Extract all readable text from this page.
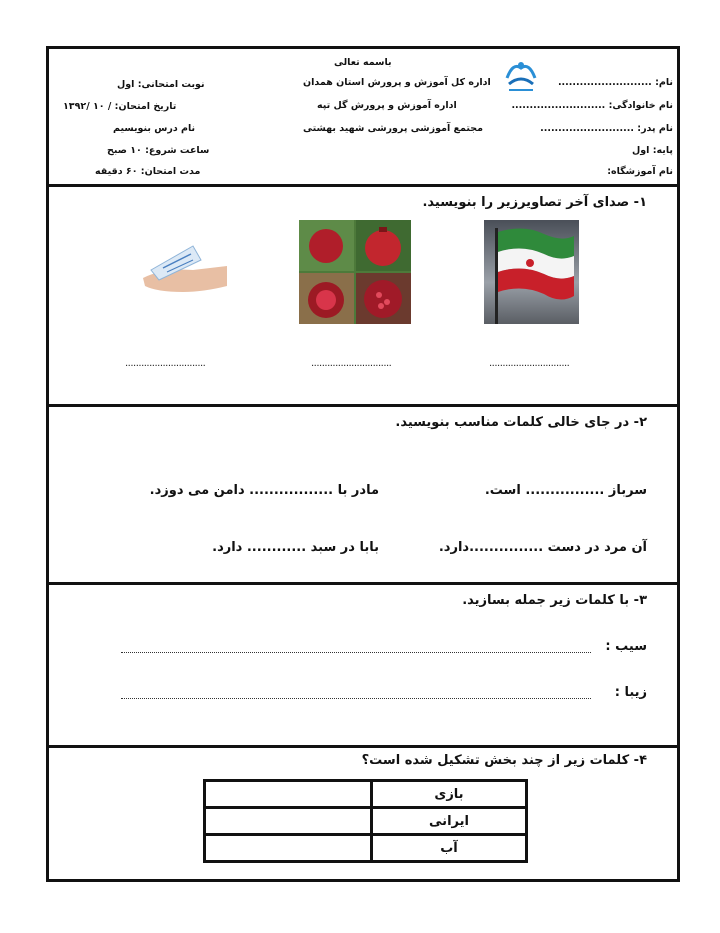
باسمه تعالی
اداره کل آموزش و پرورش استان همدان
اداره آموزش و پرورش گل تپه
مجتمع آموزشی پرورشی شهید بهشتی
نام: ..........................
نام خانوادگی: ..........................
نام پدر: ..........................
پایه: اول
نام آموزشگاه:
نوبت امتحانی: اول
تاریخ امتحان: / ۱۰ /۱۳۹۲
نام درس بنویسیم
ساعت شروع: ۱۰ صبح
مدت امتحان: ۶۰ دقیقه
۱- صدای آخر تصاویرزیر را بنویسید.
..............................
..............................
..............................
۲- در جای خالی کلمات مناسب بنویسید.
سرباز ................ است.
مادر با ................. دامن می دوزد.
آن مرد در دست ...............دارد.
بابا در سبد ............ دارد.
۳- با کلمات زیر جمله بسازید.
سیب :
زیبا :
۴- کلمات زیر از چند بخش تشکیل شده است؟
	بازی
	ایرانی
	آب
